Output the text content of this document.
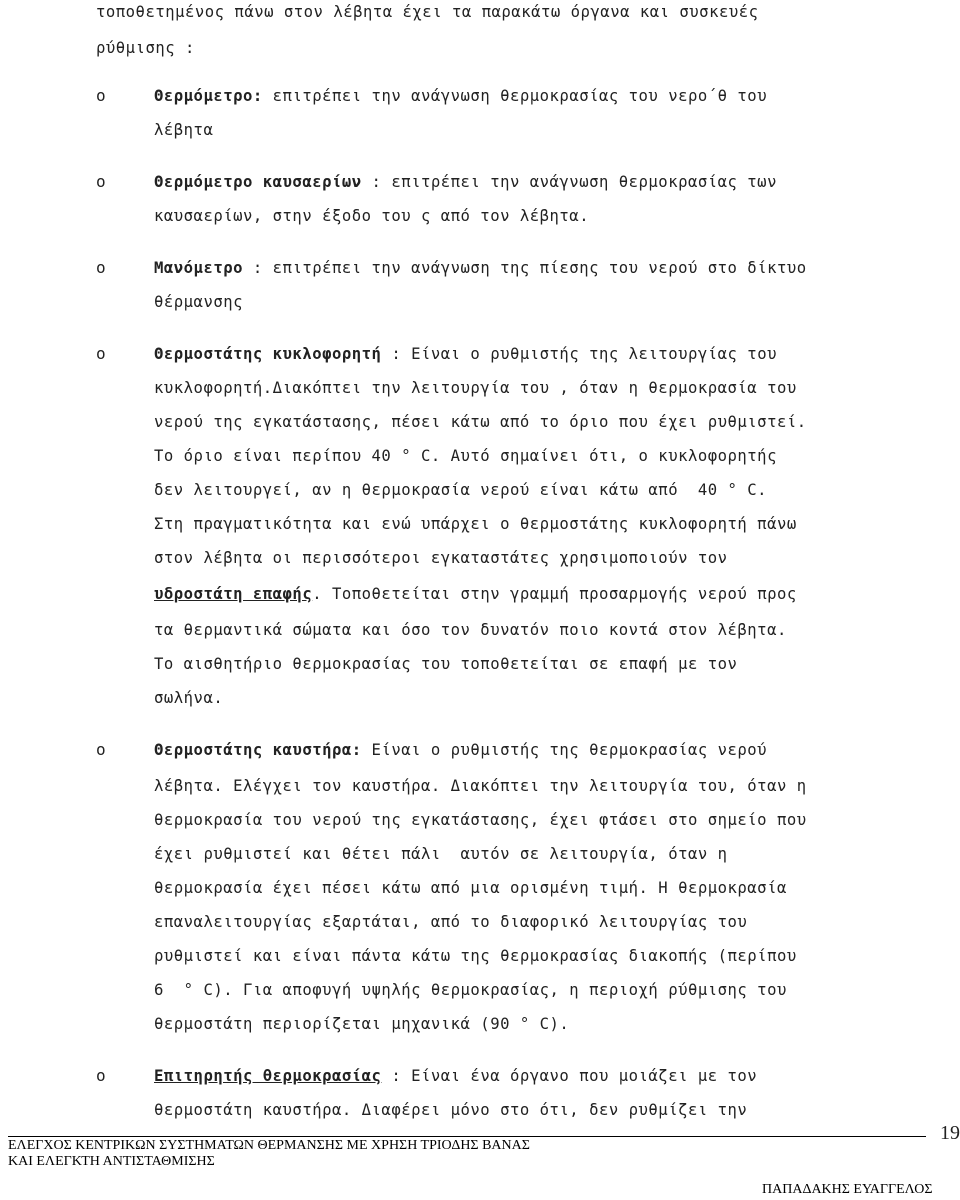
τοποθετημένος πάνω στον λέβητα έχει τα παρακάτω όργανα και συσκευές
ρύθμισης :
o	Θερμόμετρο: επιτρέπει την ανάγνωση θερμοκρασίας του νερο΄θ του
λέβητα
o	Θερμόμετρο καυσαερίων : επιτρέπει την ανάγνωση θερμοκρασίας των
καυσαερίων, στην έξοδο του ς από τον λέβητα.
o	Μανόμετρο : επιτρέπει την ανάγνωση της πίεσης του νερού στο δίκτυο
θέρμανσης
o	Θερμοστάτης κυκλοφορητή : Είναι ο ρυθμιστής της λειτουργίας του
κυκλοφορητή.Διακόπτει την λειτουργία του , όταν η θερμοκρασία του
νερού της εγκατάστασης, πέσει κάτω από το όριο που έχει ρυθμιστεί.
Το όριο είναι περίπου 40 ° C. Αυτό σημαίνει ότι, ο κυκλοφορητής
δεν λειτουργεί, αν η θερμοκρασία νερού είναι κάτω από  40 ° C.
Στη πραγματικότητα και ενώ υπάρχει ο θερμοστάτης κυκλοφορητή πάνω
στον λέβητα οι περισσότεροι εγκαταστάτες χρησιμοποιούν τον
υδροστάτη επαφής. Τοποθετείται στην γραμμή προσαρμογής νερού προς
τα θερμαντικά σώματα και όσο τον δυνατόν ποιο κοντά στον λέβητα.
Το αισθητήριο θερμοκρασίας του τοποθετείται σε επαφή με τον
σωλήνα.
o	Θερμοστάτης καυστήρα: Είναι ο ρυθμιστής της θερμοκρασίας νερού
λέβητα. Ελέγχει τον καυστήρα. Διακόπτει την λειτουργία του, όταν η
θερμοκρασία του νερού της εγκατάστασης, έχει φτάσει στο σημείο που
έχει ρυθμιστεί και θέτει πάλι  αυτόν σε λειτουργία, όταν η
θερμοκρασία έχει πέσει κάτω από μια ορισμένη τιμή. Η θερμοκρασία
επαναλειτουργίας εξαρτάται, από το διαφορικό λειτουργίας του
ρυθμιστεί και είναι πάντα κάτω της θερμοκρασίας διακοπής (περίπου
6  ° C). Για αποφυγή υψηλής θερμοκρασίας, η περιοχή ρύθμισης του
θερμοστάτη περιορίζεται μηχανικά (90 ° C).
o	Επιτηρητής θερμοκρασίας : Είναι ένα όργανο που μοιάζει με τον
θερμοστάτη καυστήρα. Διαφέρει μόνο στο ότι, δεν ρυθμίζει την
19
ΕΛΕΓΧΟΣ ΚΕΝΤΡΙΚΩΝ ΣΥΣΤΗΜΑΤΩΝ ΘΕΡΜΑΝΣΗΣ ΜΕ ΧΡΗΣΗ ΤΡΙΟΔΗΣ ΒΑΝΑΣ
ΚΑΙ ΕΛΕΓΚΤΗ ΑΝΤΙΣΤΑΘΜΙΣΗΣ
ΠΑΠΑΔΑΚΗΣ ΕΥΑΓΓΕΛΟΣ
